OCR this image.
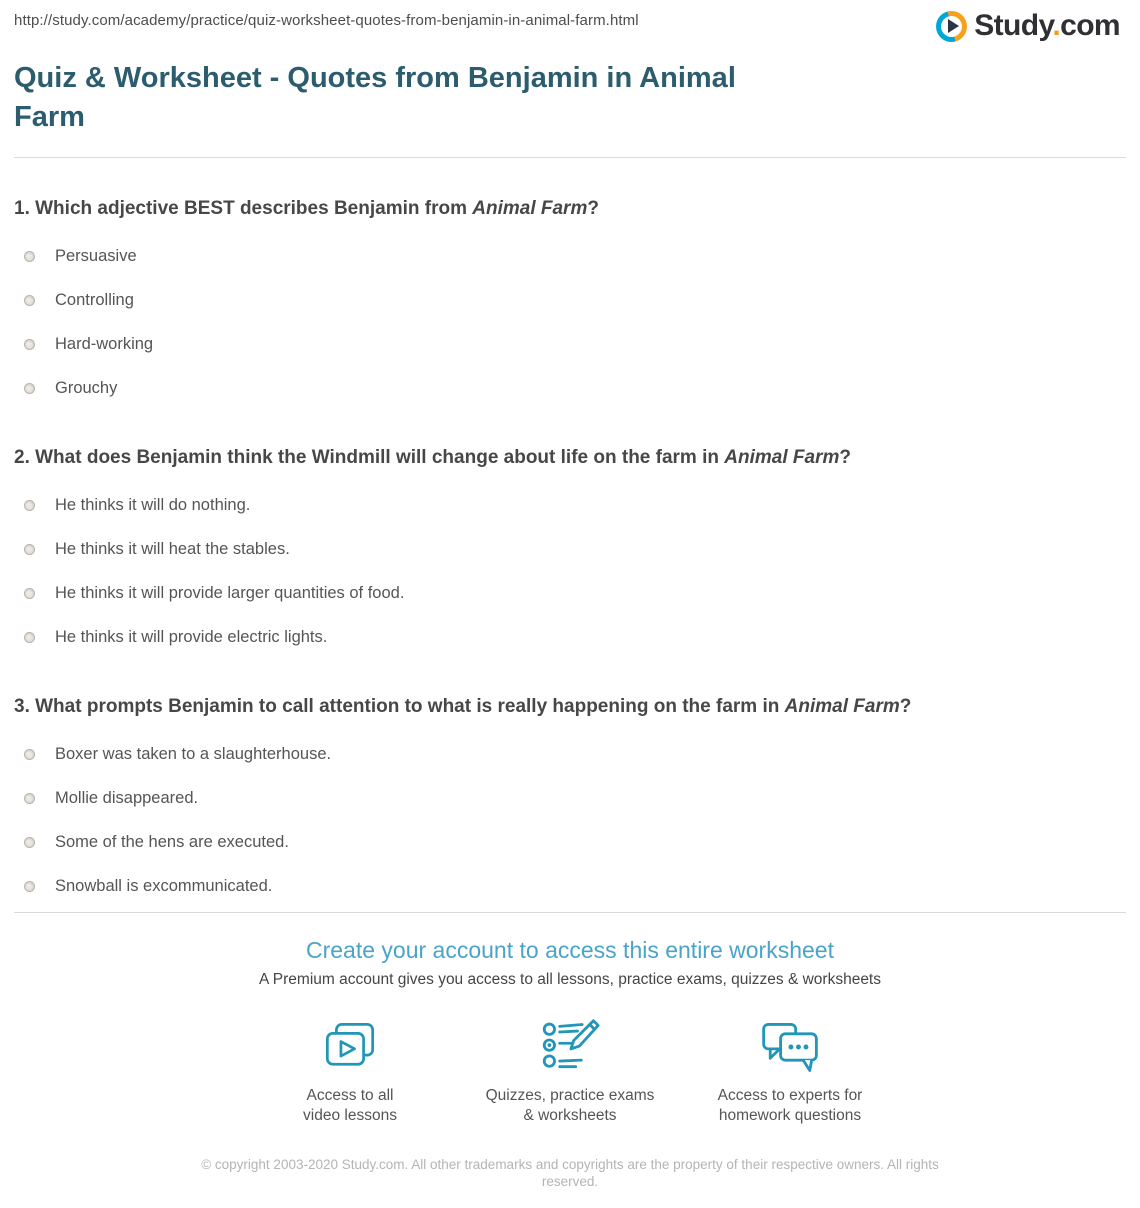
http://study.com/academy/practice/quiz-worksheet-quotes-from-benjamin-in-animal-farm.html	Study.com
Quiz & Worksheet - Quotes from Benjamin in Animal Farm
1. Which adjective BEST describes Benjamin from Animal Farm?
Persuasive
Controlling
Hard-working
Grouchy
2. What does Benjamin think the Windmill will change about life on the farm in Animal Farm?
He thinks it will do nothing.
He thinks it will heat the stables.
He thinks it will provide larger quantities of food.
He thinks it will provide electric lights.
3. What prompts Benjamin to call attention to what is really happening on the farm in Animal Farm?
Boxer was taken to a slaughterhouse.
Mollie disappeared.
Some of the hens are executed.
Snowball is excommunicated.
Create your account to access this entire worksheet
A Premium account gives you access to all lessons, practice exams, quizzes & worksheets
Access to all
video lessons
Quizzes, practice exams
& worksheets
Access to experts for
homework questions
© copyright 2003-2020 Study.com. All other trademarks and copyrights are the property of their respective owners. All rights
reserved.
